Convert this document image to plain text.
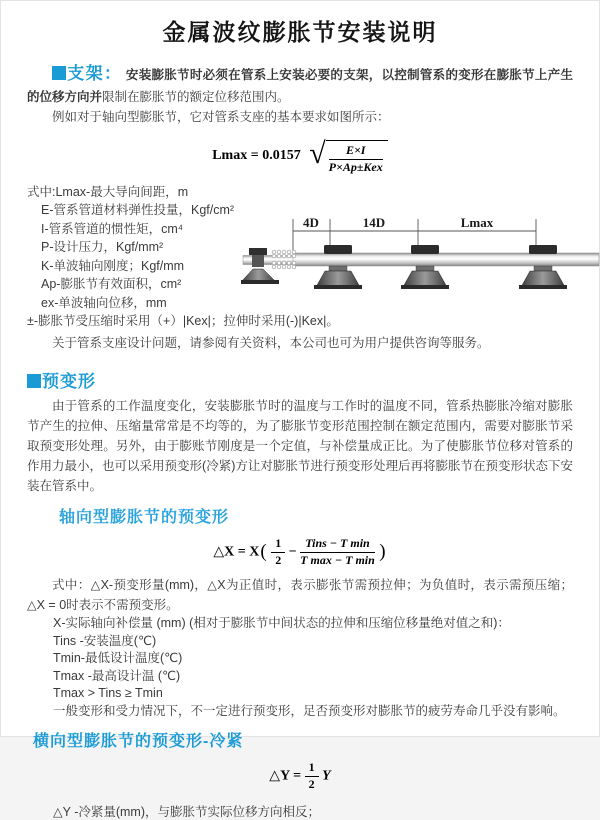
金属波纹膨胀节安装说明

支架： 安装膨胀节时必须在管系上安装必要的支架，以控制管系的变形在膨胀节上产生的位移方向并限制在膨胀节的额定位移范围内。

例如对于轴向型膨胀节，它对管系支座的基本要求如图所示：

Lmax = 0.0157 √ $\frac{E\times I}{\text{P×Ap±Kex}}$
式中:Lmax-最大导向间距，m
E-管系管道材料弹性投量，Kgf/cm²
I-管系管道的惯性矩，cm⁴
P-设计压力，Kgf/mm²
K-单波轴向刚度；Kgf/mm
Ap-膨胀节有效面积，cm²
ex-单波轴向位移，mm
±-膨胀节受压缩时采用（+）|Kex|；拉伸时采用(-)|Kex|。
4D	14D	Lmax

关于管系支座设计问题，请参阅有关资料，本公司也可为用户提供咨询等服务。

预变形

由于管系的工作温度变化，安装膨胀节时的温度与工作时的温度不同，管系热膨胀冷缩对膨胀节产生的拉伸、压缩量常常是不均等的，为了膨胀节变形范围控制在额定范围内，需要对膨胀节采取预变形处理。另外，由于膨账节刚度是一个定值，与补偿量成正比。为了使膨胀节位移对管系的作用力最小，也可以采用预变形(冷紧)方让对膨胀节进行预变形处理后再将膨胀节在预变形状态下安装在管系中。

轴向型膨胀节的预变形
△X = $X( \frac{1}{2} - \frac{\text{Tins − T min}}{\text{T max − T min}}$ )

式中：△X-预变形量(mm)，△X为正值时，表示膨张节需预拉伸；为负值时，表示需预压缩；△X = 0时表示不需预变形。

X-实际轴向补偿量 (mm) (相对于膨胀节中间状态的拉伸和压缩位移量绝对值之和)：
Tins -安装温度(℃)
Tmin-最低设计温度(℃)
Tmax -最高设计温 (℃)
Tmax > Tins ≥ Tmin
一般变形和受力情况下，不一定进行预变形，足否预变形对膨胀节的疲劳寿命几乎没有影响。
横向型膨胀节的预变形-冷紧
△Y = $\frac{1}{2}$ Y

△Y -冷紧量(mm)，与膨胀节实际位移方向相反；
